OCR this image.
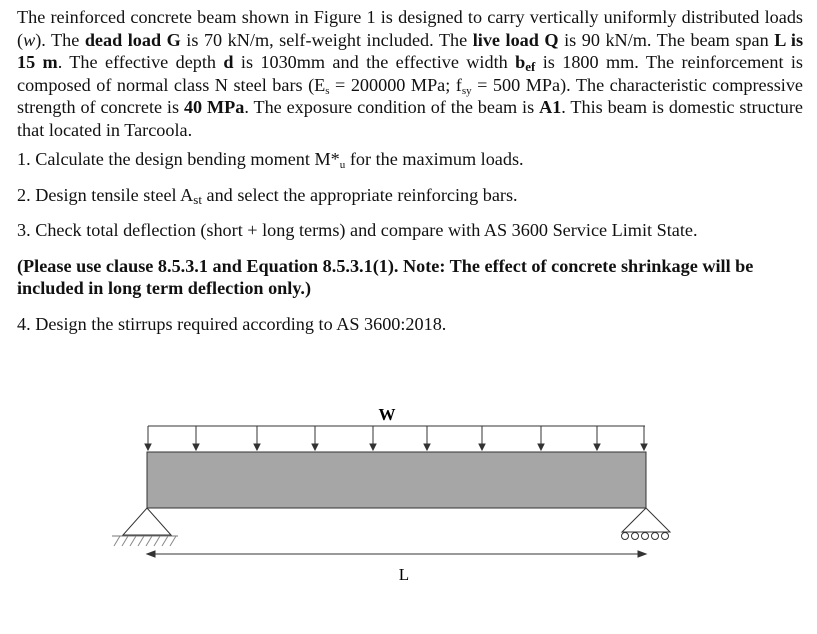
The reinforced concrete beam shown in Figure 1 is designed to carry vertically uniformly distributed loads (w). The dead load G is 70 kN/m, self-weight included. The live load Q is 90 kN/m. The beam span L is 15 m. The effective depth d is 1030mm and the effective width $b_{ef}$ is 1800 mm. The reinforcement is composed of normal class N steel bars ($E_s = 200000$ MPa; $f_{sy} = 500$ MPa). The characteristic compressive strength of concrete is 40 MPa. The exposure condition of the beam is A1. This beam is domestic structure that located in Tarcoola.

1. Calculate the design bending moment $M*_u$ for the maximum loads.

2. Design tensile steel $A_{st}$ and select the appropriate reinforcing bars.

3. Check total deflection (short + long terms) and compare with AS 3600 Service Limit State.

(Please use clause 8.5.3.1 and Equation 8.5.3.1(1). Note: The effect of concrete shrinkage will be included in long term deflection only.)

4. Design the stirrups required according to AS 3600:2018.

W
L
